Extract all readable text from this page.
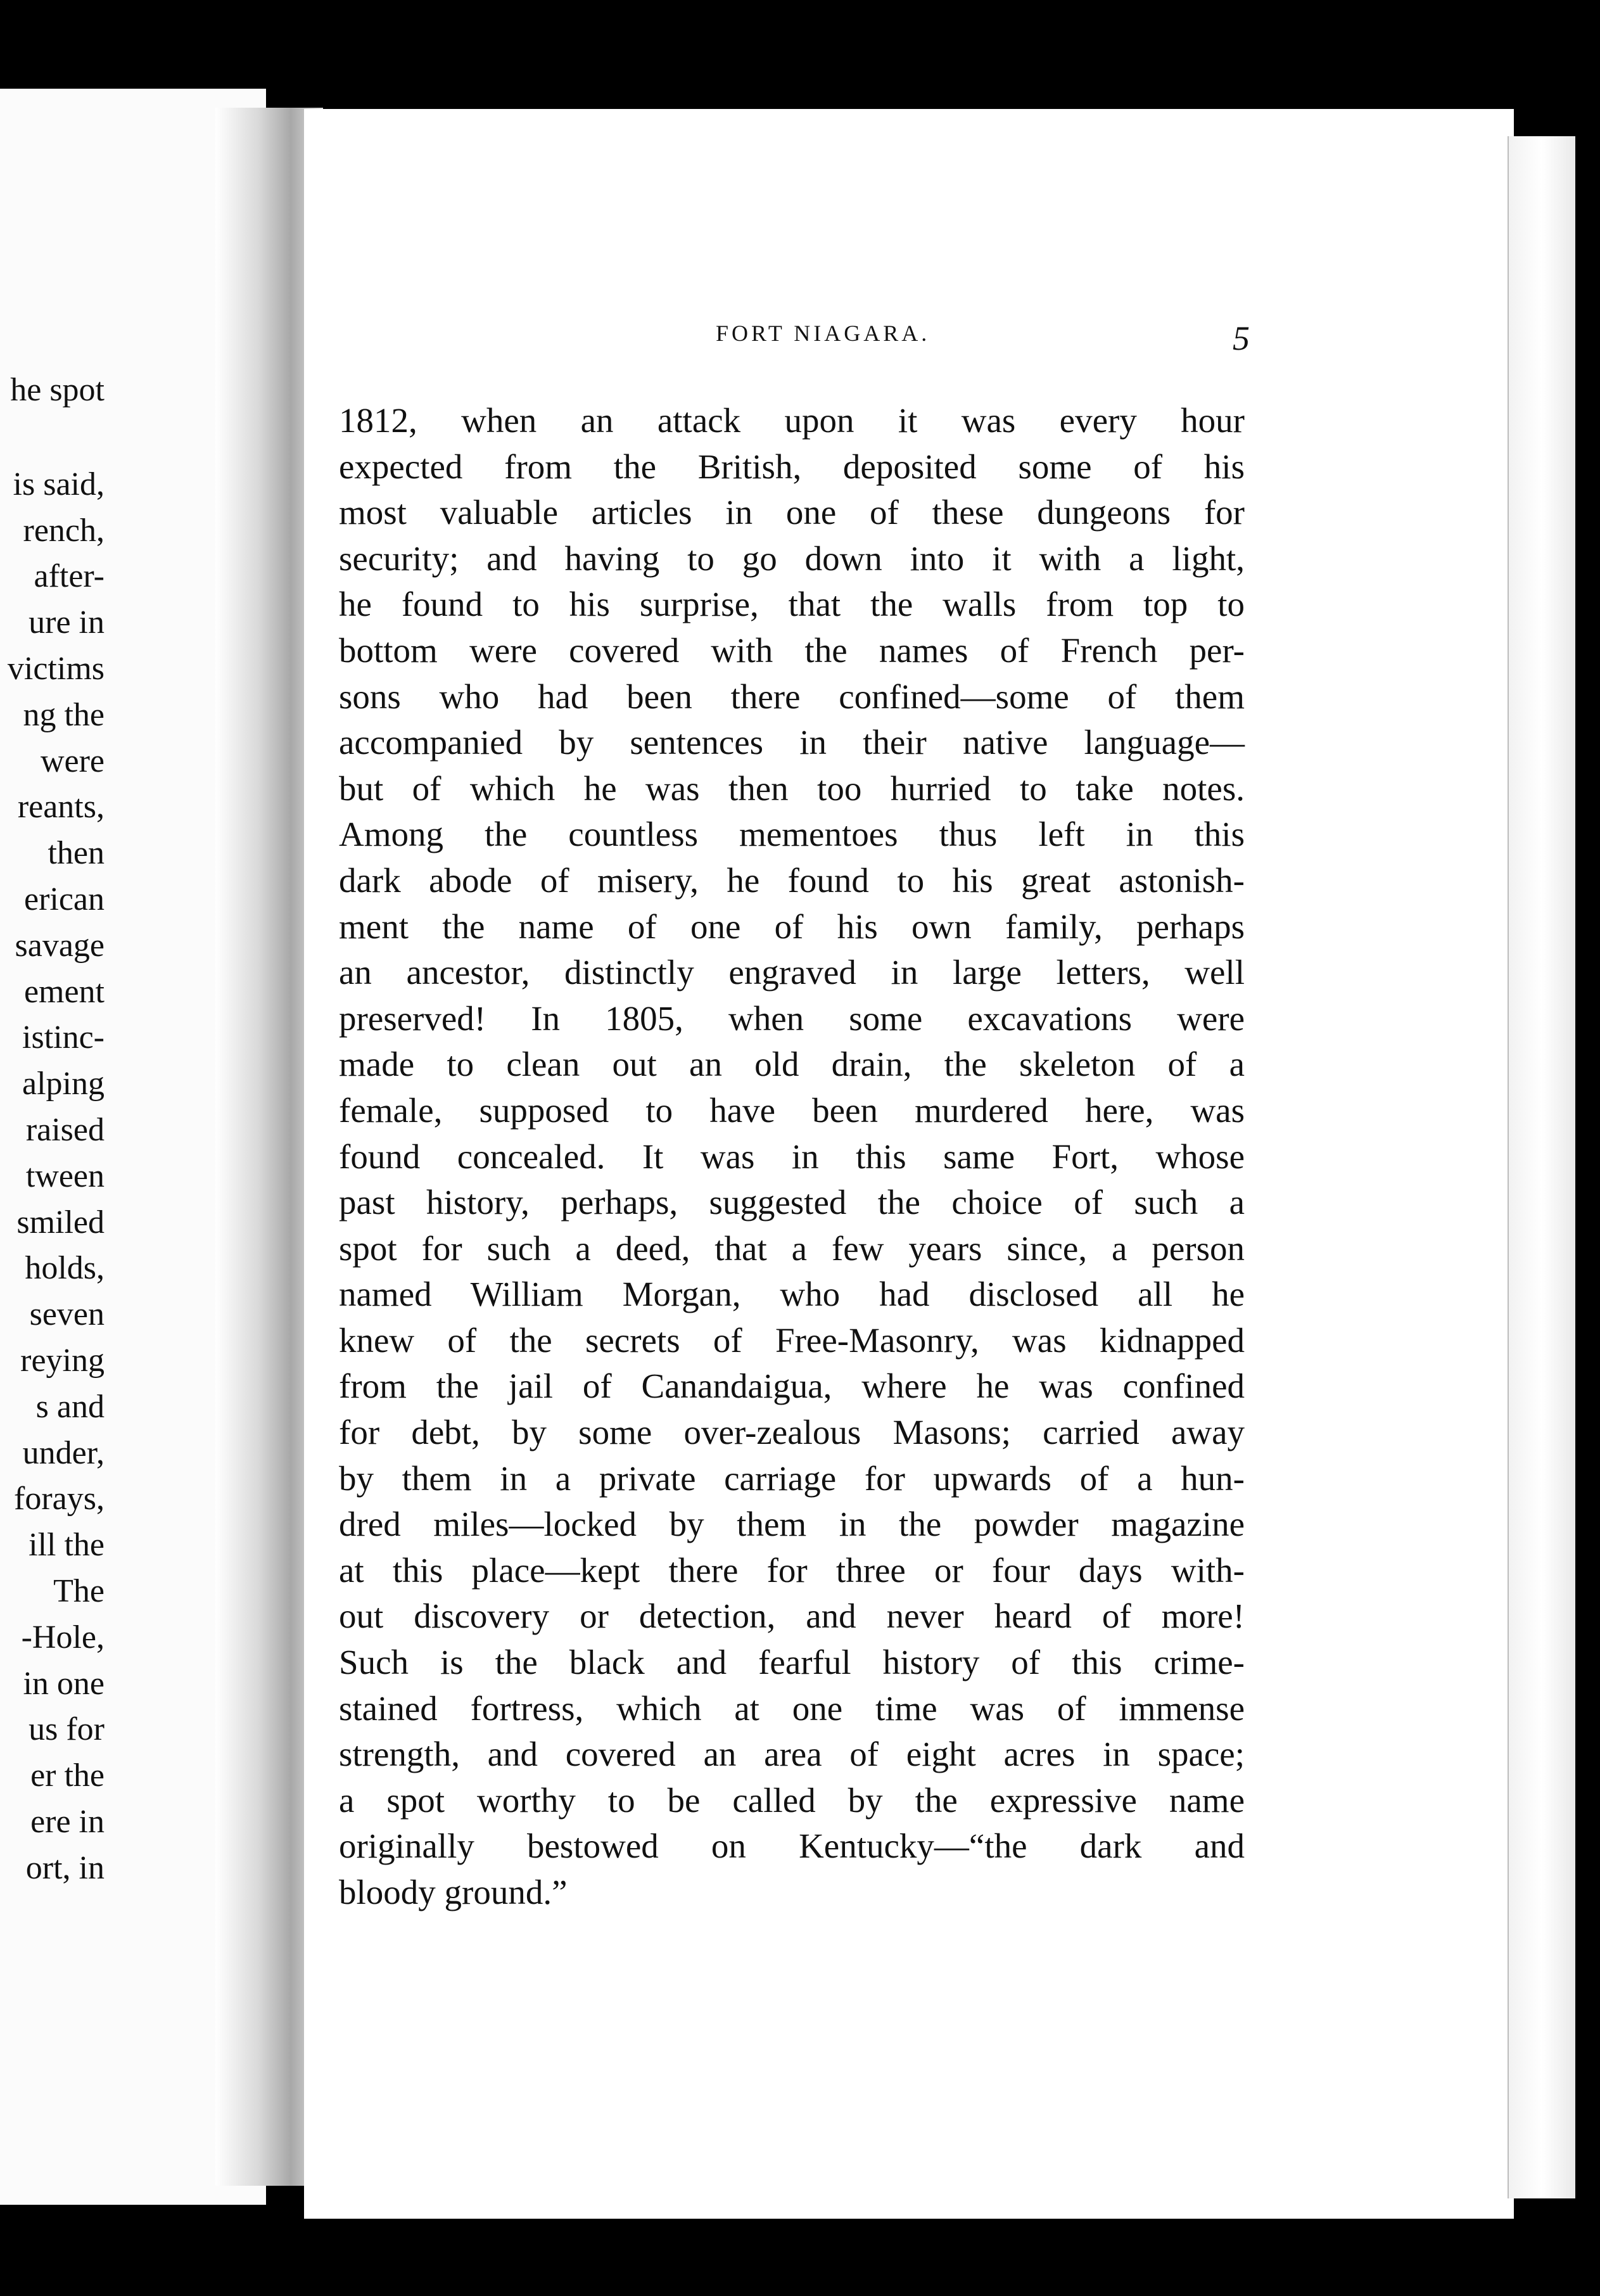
he spot
is said,
rench,
after-
ure in
victims
ng the
were
reants,
then
erican
savage
ement
istinc-
alping
raised
tween
smiled
holds,
seven
reying
s and
under,
forays,
ill the
The
-Hole,
in one
us for
er the
ere in
ort, in
FORT NIAGARA.	5
1812, when an attack upon it was every hour
expected from the British, deposited some of his
most valuable articles in one of these dungeons for
security; and having to go down into it with a light,
he found to his surprise, that the walls from top to
bottom were covered with the names of French per-
sons who had been there confined—some of them
accompanied by sentences in their native language—
but of which he was then too hurried to take notes.
Among the countless mementoes thus left in this
dark abode of misery, he found to his great astonish-
ment the name of one of his own family, perhaps
an ancestor, distinctly engraved in large letters, well
preserved! In 1805, when some excavations were
made to clean out an old drain, the skeleton of a
female, supposed to have been murdered here, was
found concealed. It was in this same Fort, whose
past history, perhaps, suggested the choice of such a
spot for such a deed, that a few years since, a person
named William Morgan, who had disclosed all he
knew of the secrets of Free-Masonry, was kidnapped
from the jail of Canandaigua, where he was confined
for debt, by some over-zealous Masons; carried away
by them in a private carriage for upwards of a hun-
dred miles—locked by them in the powder magazine
at this place—kept there for three or four days with-
out discovery or detection, and never heard of more!
Such is the black and fearful history of this crime-
stained fortress, which at one time was of immense
strength, and covered an area of eight acres in space;
a spot worthy to be called by the expressive name
originally bestowed on Kentucky—“the dark and
bloody ground.”
